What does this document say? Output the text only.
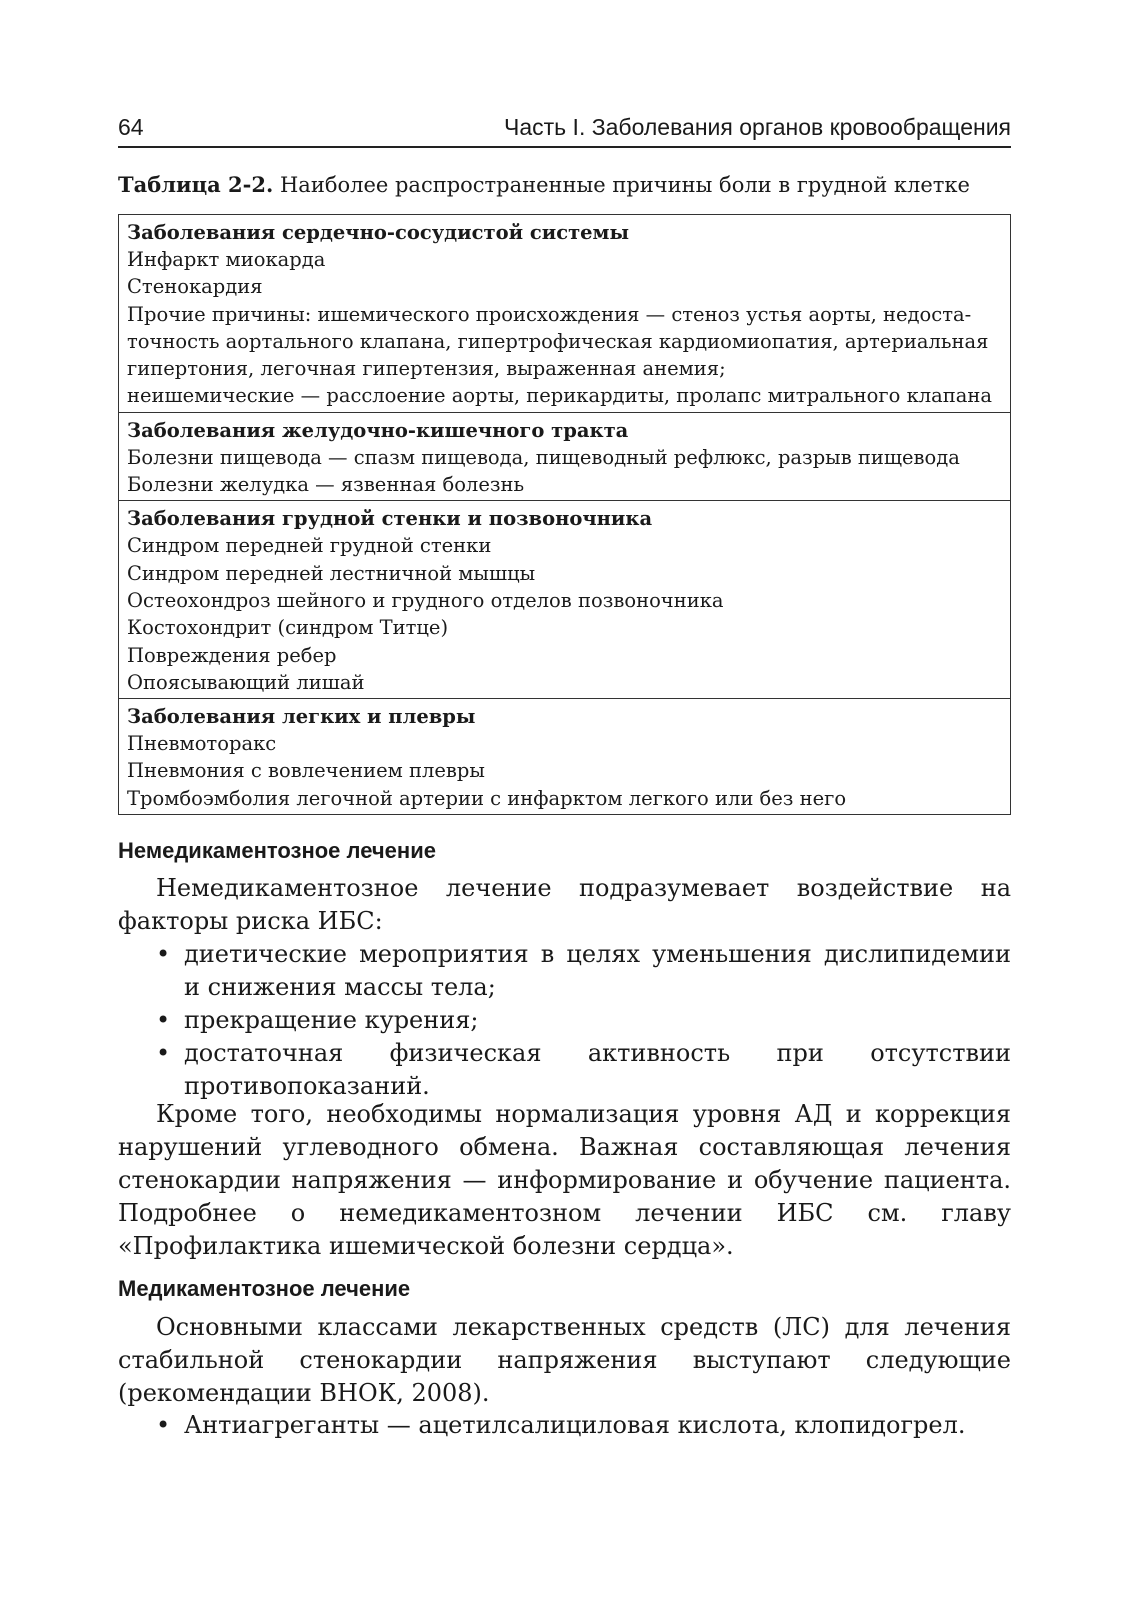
64	Часть I. Заболевания органов кровообращения
Таблица 2-2. Наиболее распространенные причины боли в грудной клетке
Заболевания сердечно-сосудистой системы
Инфаркт миокарда
Стенокардия
Прочие причины: ишемического происхождения — стеноз устья аорты, недоста-
точность аортального клапана, гипертрофическая кардиомиопатия, артериальная
гипертония, легочная гипертензия, выраженная анемия;
неишемические — расслоение аорты, перикардиты, пролапс митрального клапана
Заболевания желудочно-кишечного тракта
Болезни пищевода — спазм пищевода, пищеводный рефлюкс, разрыв пищевода
Болезни желудка — язвенная болезнь
Заболевания грудной стенки и позвоночника
Синдром передней грудной стенки
Синдром передней лестничной мышцы
Остеохондроз шейного и грудного отделов позвоночника
Костохондрит (синдром Титце)
Повреждения ребер
Опоясывающий лишай
Заболевания легких и плевры
Пневмоторакс
Пневмония с вовлечением плевры
Тромбоэмболия легочной артерии с инфарктом легкого или без него
Немедикаментозное лечение
Немедикаментозное лечение подразумевает воздействие на факторы риска ИБС:
• диетические мероприятия в целях уменьшения дислипидемии и снижения массы тела;
• прекращение курения;
• достаточная физическая активность при отсутствии противопоказаний.
Кроме того, необходимы нормализация уровня АД и коррекция нарушений углеводного обмена. Важная составляющая лечения стенокардии напряжения — информирование и обучение пациента. Подробнее о немедикаментозном лечении ИБС см. главу «Профилактика ишемической болезни сердца».
Медикаментозное лечение
Основными классами лекарственных средств (ЛС) для лечения стабильной стенокардии напряжения выступают следующие (рекомендации ВНОК, 2008).
• Антиагреганты — ацетилсалициловая кислота, клопидогрел.
